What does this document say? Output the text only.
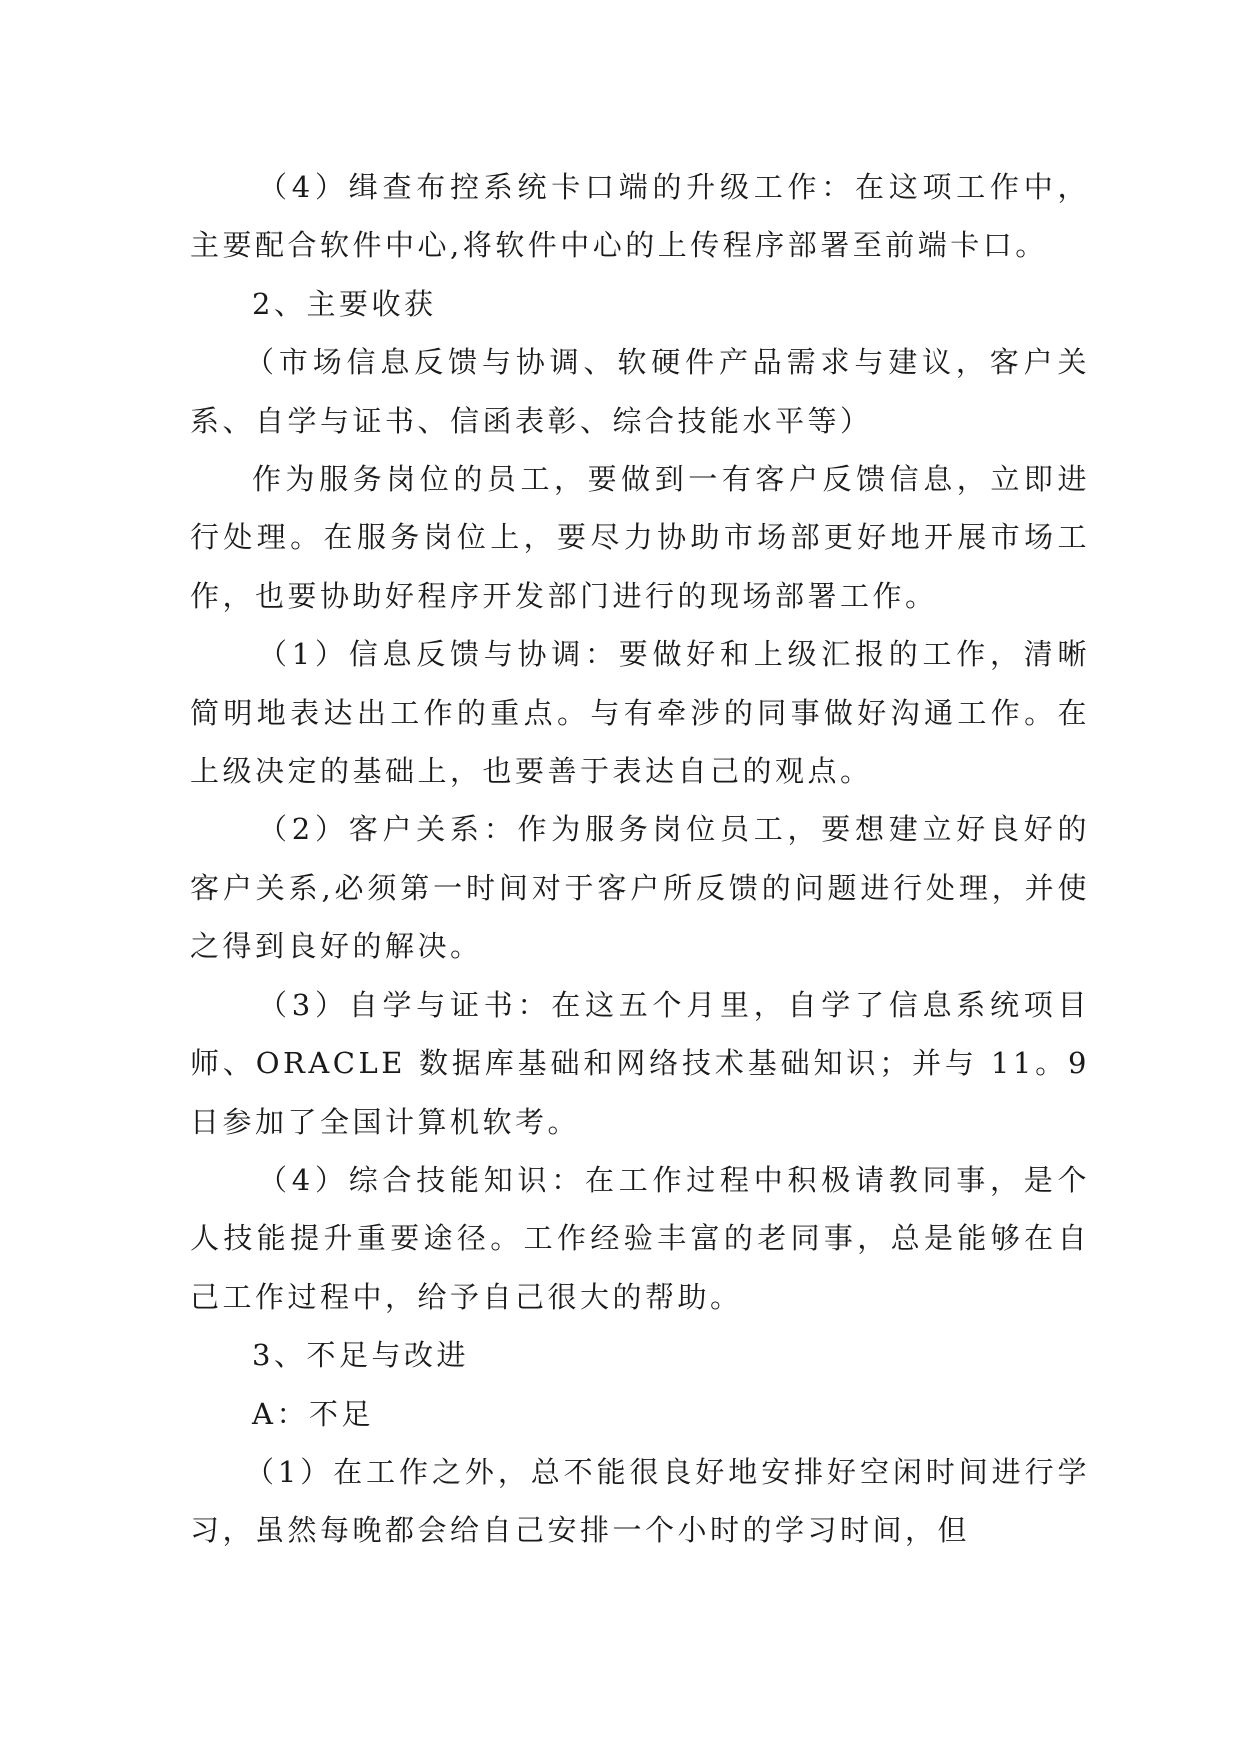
（4）缉查布控系统卡口端的升级工作：在这项工作中，主要配合软件中心,将软件中心的上传程序部署至前端卡口。

2、主要收获

（市场信息反馈与协调、软硬件产品需求与建议，客户关系、自学与证书、信函表彰、综合技能水平等）

作为服务岗位的员工，要做到一有客户反馈信息，立即进行处理。在服务岗位上，要尽力协助市场部更好地开展市场工作，也要协助好程序开发部门进行的现场部署工作。

（1）信息反馈与协调：要做好和上级汇报的工作，清晰简明地表达出工作的重点。与有牵涉的同事做好沟通工作。在上级决定的基础上，也要善于表达自己的观点。

（2）客户关系：作为服务岗位员工，要想建立好良好的客户关系,必须第一时间对于客户所反馈的问题进行处理，并使之得到良好的解决。

（3）自学与证书：在这五个月里，自学了信息系统项目师、ORACLE 数据库基础和网络技术基础知识；并与 11。9日参加了全国计算机软考。

（4）综合技能知识：在工作过程中积极请教同事，是个人技能提升重要途径。工作经验丰富的老同事，总是能够在自己工作过程中，给予自己很大的帮助。

3、不足与改进

A：不足

（1）在工作之外，总不能很良好地安排好空闲时间进行学习，虽然每晚都会给自己安排一个小时的学习时间，但
